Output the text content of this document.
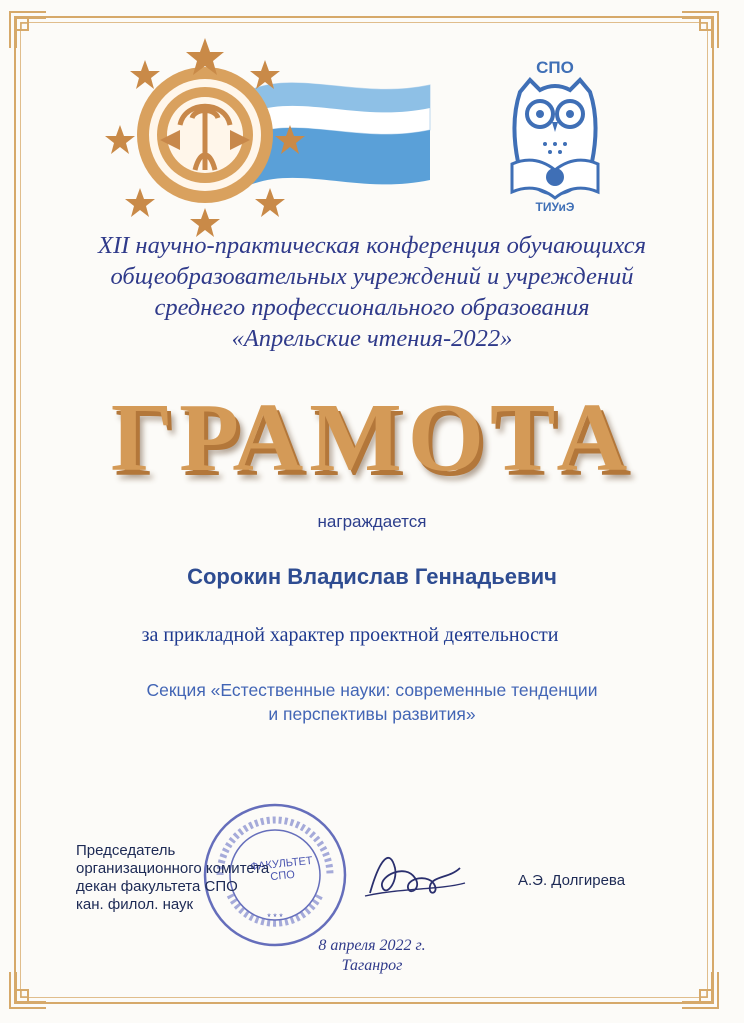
СПО
ТИУиЭ
XII научно-практическая конференция обучающихся
общеобразовательных учреждений и учреждений
среднего профессионального образования
«Апрельские чтения-2022»
ГРАМОТА
награждается
Сорокин Владислав Геннадьевич
за прикладной характер проектной деятельности
Секция «Естественные науки: современные тенденции
и перспективы развития»
* * *
ФАКУЛЬТЕТ СПО
Председатель
организационного комитета
декан факультета СПО
кан. филол. наук
А.Э. Долгирева
8 апреля 2022 г.
Таганрог
